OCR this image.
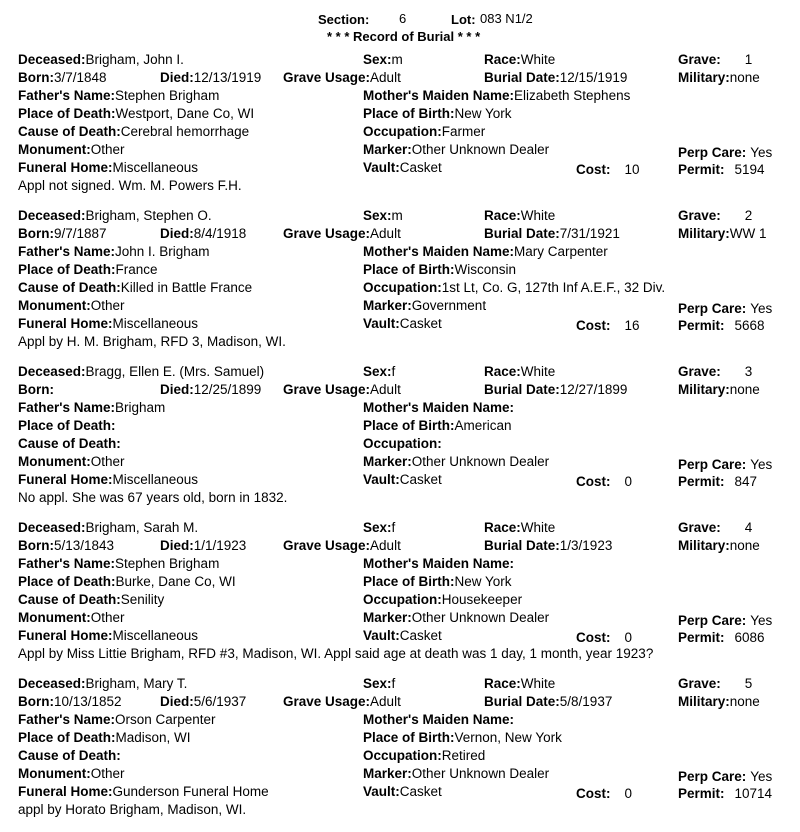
Section: 6	Lot: 083 N1/2
* * * Record of Burial * * *
Deceased:Brigham, John I.	Sex:m	Race:White	Grave: 1
Born:3/7/1848	Died:12/13/1919 Grave Usage:Adult	Burial Date:12/15/1919	Military:none
Father's Name:Stephen Brigham	Mother's Maiden Name:Elizabeth Stephens
Place of Death:Westport, Dane Co, WI	Place of Birth:New York
Cause of Death:Cerebral hemorrhage	Occupation:Farmer
Monument:Other	Marker:Other Unknown Dealer	Perp Care: Yes
Funeral Home:Miscellaneous	Vault:Casket	Cost: 10	Permit: 5194
Appl not signed. Wm. M. Powers F.H.
Deceased:Brigham, Stephen O.	Sex:m	Race:White	Grave: 2
Born:9/7/1887	Died:8/4/1918	Grave Usage:Adult	Burial Date:7/31/1921	Military:WW 1
Father's Name:John I. Brigham	Mother's Maiden Name:Mary Carpenter
Place of Death:France	Place of Birth:Wisconsin
Cause of Death:Killed in Battle France	Occupation:1st Lt, Co. G, 127th Inf A.E.F., 32 Div.
Monument:Other	Marker:Government	Perp Care: Yes
Funeral Home:Miscellaneous	Vault:Casket	Cost: 16	Permit: 5668
Appl by H. M. Brigham, RFD 3, Madison, WI.
Deceased:Bragg, Ellen E. (Mrs. Samuel)	Sex:f	Race:White	Grave: 3
Born:	Died:12/25/1899 Grave Usage:Adult	Burial Date:12/27/1899	Military:none
Father's Name:Brigham	Mother's Maiden Name:
Place of Death:	Place of Birth:American
Cause of Death:	Occupation:
Monument:Other	Marker:Other Unknown Dealer	Perp Care: Yes
Funeral Home:Miscellaneous	Vault:Casket	Cost: 0	Permit: 847
No appl. She was 67 years old, born in 1832.
Deceased:Brigham, Sarah M.	Sex:f	Race:White	Grave: 4
Born:5/13/1843	Died:1/1/1923	Grave Usage:Adult	Burial Date:1/3/1923	Military:none
Father's Name:Stephen Brigham	Mother's Maiden Name:
Place of Death:Burke, Dane Co, WI	Place of Birth:New York
Cause of Death:Senility	Occupation:Housekeeper
Monument:Other	Marker:Other Unknown Dealer	Perp Care: Yes
Funeral Home:Miscellaneous	Vault:Casket	Cost: 0	Permit: 6086
Appl by Miss Littie Brigham, RFD #3, Madison, WI. Appl said age at death was 1 day, 1 month, year 1923?
Deceased:Brigham, Mary T.	Sex:f	Race:White	Grave: 5
Born:10/13/1852	Died:5/6/1937	Grave Usage:Adult	Burial Date:5/8/1937	Military:none
Father's Name:Orson Carpenter	Mother's Maiden Name:
Place of Death:Madison, WI	Place of Birth:Vernon, New York
Cause of Death:	Occupation:Retired
Monument:Other	Marker:Other Unknown Dealer	Perp Care: Yes
Funeral Home:Gunderson Funeral Home	Vault:Casket	Cost: 0	Permit: 10714
appl by Horato Brigham, Madison, WI.
